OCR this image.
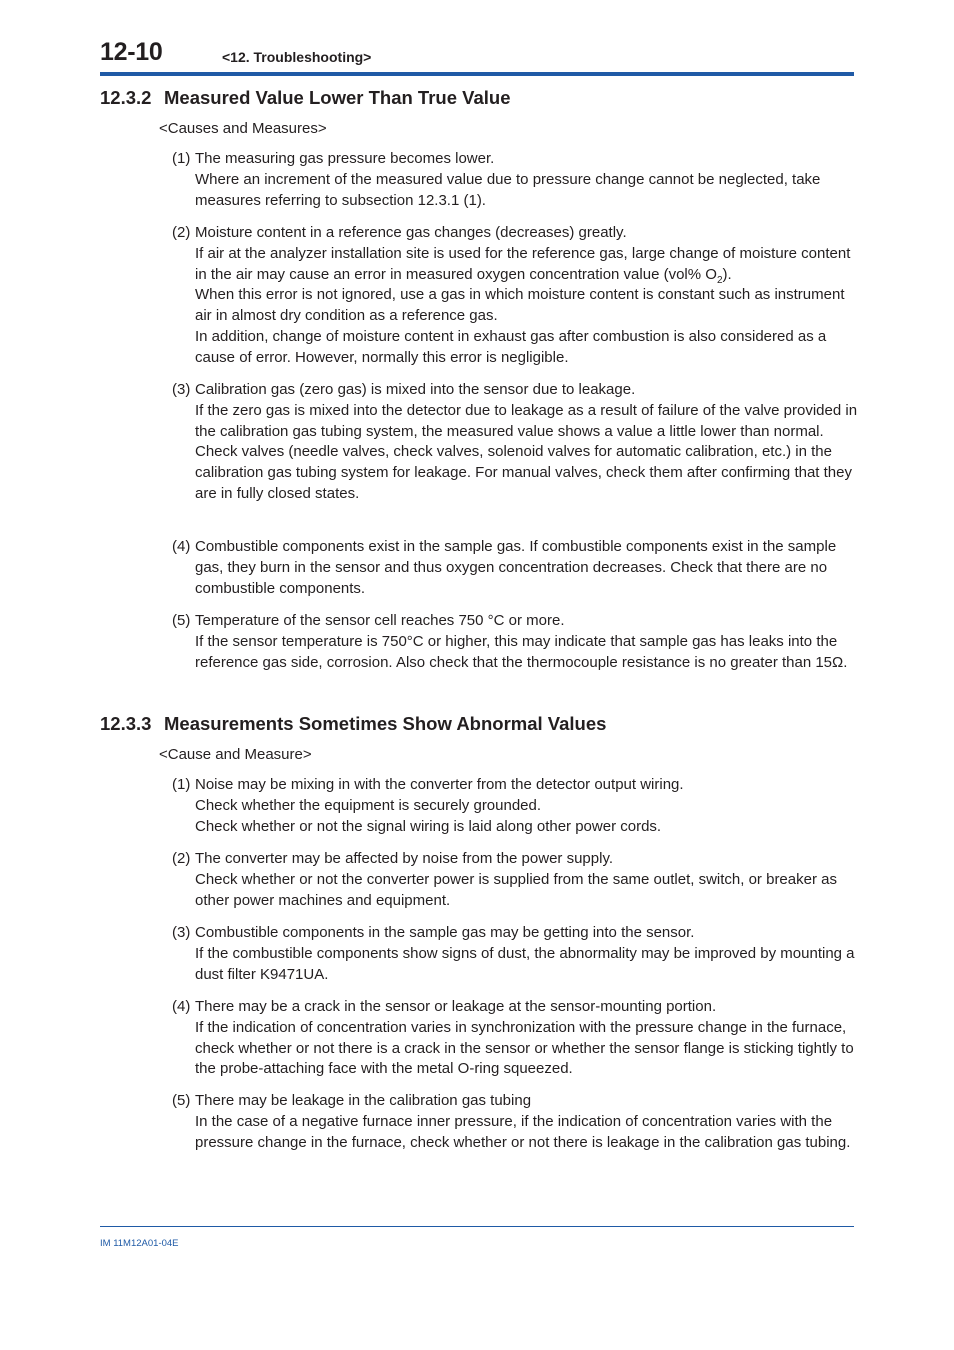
12-10	<12. Troubleshooting>
12.3.2 Measured Value Lower Than True Value
<Causes and Measures>
(1) The measuring gas pressure becomes lower.

Where an increment of the measured value due to pressure change cannot be neglected, take measures referring to subsection 12.3.1 (1).

(2) Moisture content in a reference gas changes (decreases) greatly.

If air at the analyzer installation site is used for the reference gas, large change of moisture content in the air may cause an error in measured oxygen concentration value (vol% $O_2$).

When this error is not ignored, use a gas in which moisture content is constant such as instrument air in almost dry condition as a reference gas.

In addition, change of moisture content in exhaust gas after combustion is also considered as a cause of error. However, normally this error is negligible.

(3) Calibration gas (zero gas) is mixed into the sensor due to leakage.

If the zero gas is mixed into the detector due to leakage as a result of failure of the valve provided in the calibration gas tubing system, the measured value shows a value a little lower than normal.

Check valves (needle valves, check valves, solenoid valves for automatic calibration, etc.) in the calibration gas tubing system for leakage. For manual valves, check them after confirming that they are in fully closed states.

(4) Combustible components exist in the sample gas. If combustible components exist in the sample

gas, they burn in the sensor and thus oxygen concentration decreases. Check that there are no combustible components.

(5) Temperature of the sensor cell reaches 750 °C or more.

If the sensor temperature is 750°C or higher, this may indicate that sample gas has leaks into the reference gas side, corrosion. Also check that the thermocouple resistance is no greater than 15Ω.

12.3.3 Measurements Sometimes Show Abnormal Values
<Cause and Measure>
(1) Noise may be mixing in with the converter from the detector output wiring.

Check whether the equipment is securely grounded.

Check whether or not the signal wiring is laid along other power cords.

(2) The converter may be affected by noise from the power supply.

Check whether or not the converter power is supplied from the same outlet, switch, or breaker as other power machines and equipment.

(3) Combustible components in the sample gas may be getting into the sensor.

If the combustible components show signs of dust, the abnormality may be improved by mounting a dust filter K9471UA.

(4) There may be a crack in the sensor or leakage at the sensor-mounting portion.

If the indication of concentration varies in synchronization with the pressure change in the furnace, check whether or not there is a crack in the sensor or whether the sensor flange is sticking tightly to the probe-attaching face with the metal O-ring squeezed.

(5) There may be leakage in the calibration gas tubing

In the case of a negative furnace inner pressure, if the indication of concentration varies with the pressure change in the furnace, check whether or not there is leakage in the calibration gas tubing.

IM 11M12A01-04E
